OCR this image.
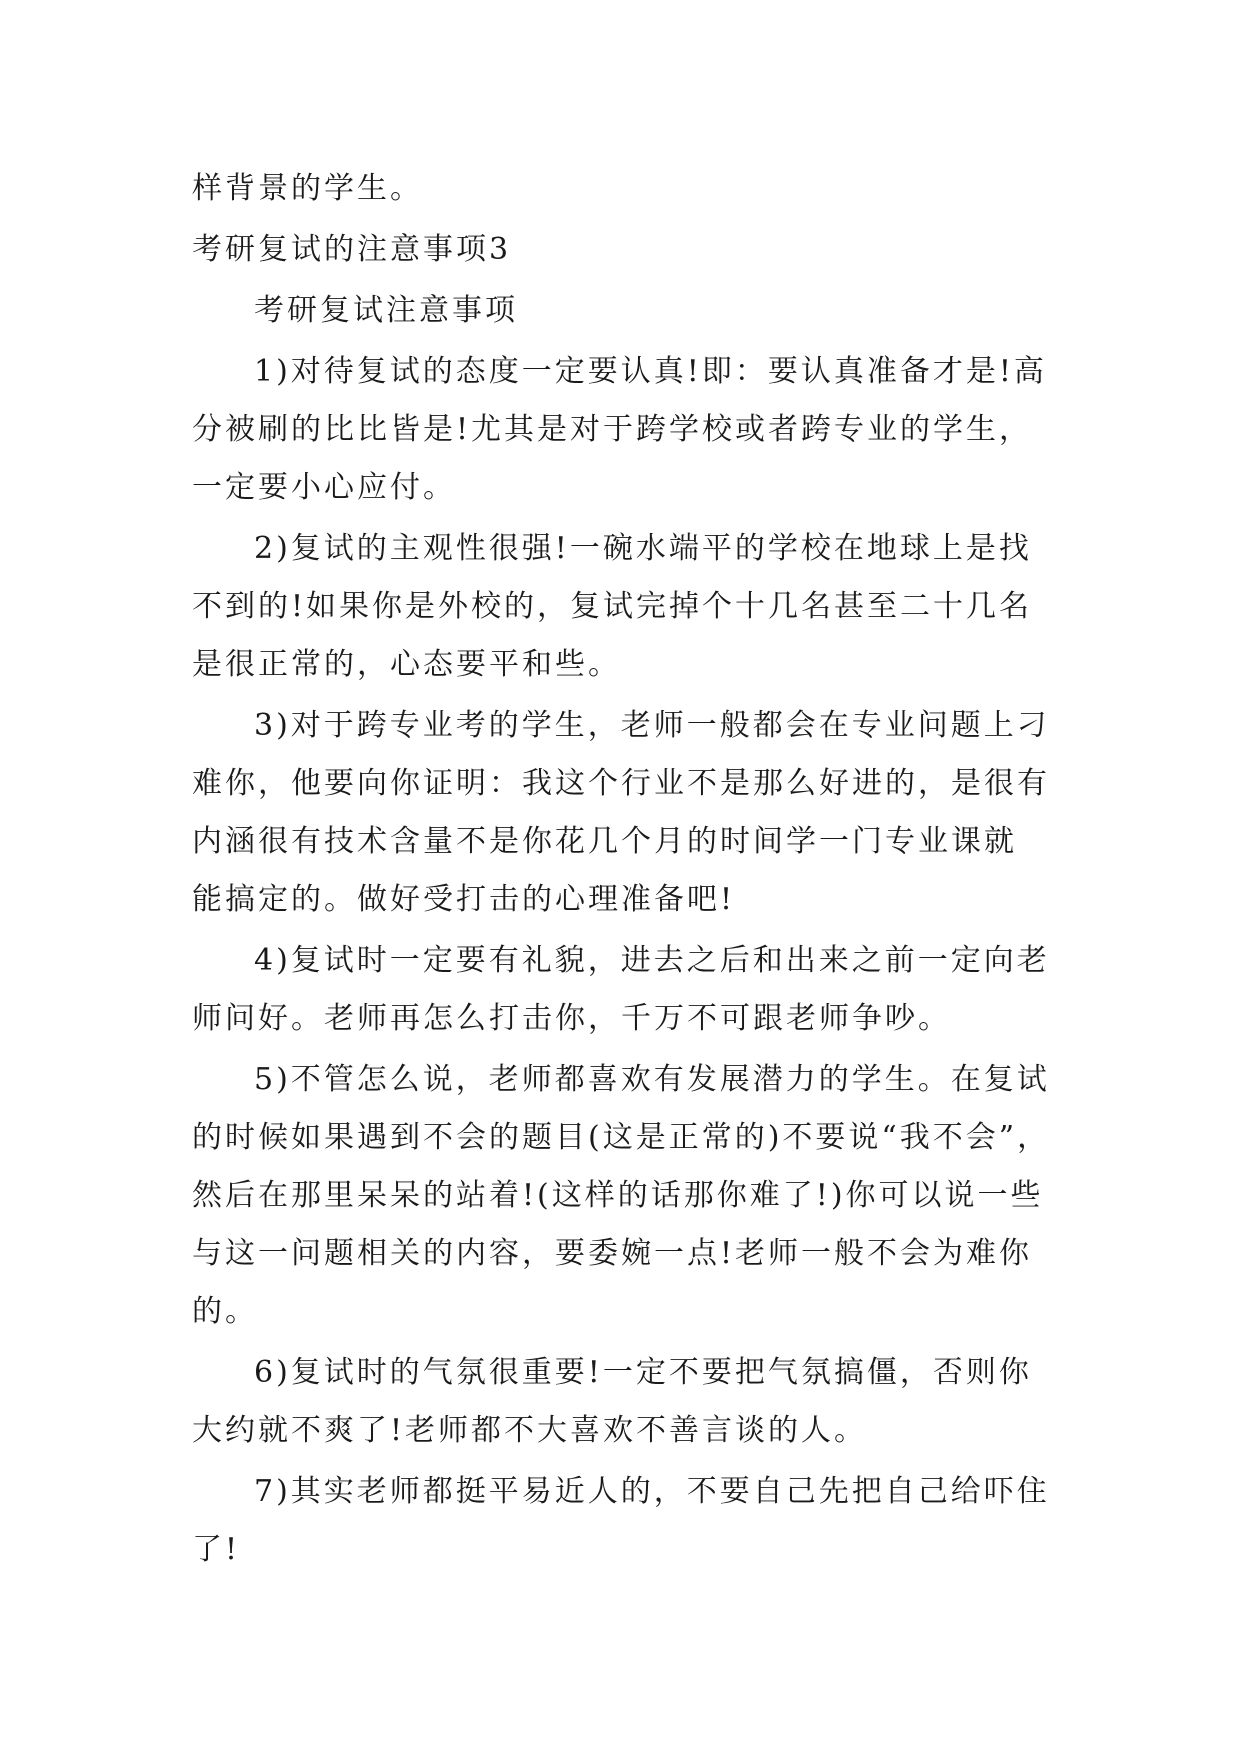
样背景的学生。

考研复试的注意事项3

考研复试注意事项

1)对待复试的态度一定要认真!即：要认真准备才是!高

分被刷的比比皆是!尤其是对于跨学校或者跨专业的学生，

一定要小心应付。

2)复试的主观性很强!一碗水端平的学校在地球上是找

不到的!如果你是外校的，复试完掉个十几名甚至二十几名

是很正常的，心态要平和些。

3)对于跨专业考的学生，老师一般都会在专业问题上刁

难你，他要向你证明：我这个行业不是那么好进的，是很有

内涵很有技术含量不是你花几个月的时间学一门专业课就

能搞定的。做好受打击的心理准备吧!

4)复试时一定要有礼貌，进去之后和出来之前一定向老

师问好。老师再怎么打击你，千万不可跟老师争吵。

5)不管怎么说，老师都喜欢有发展潜力的学生。在复试

的时候如果遇到不会的题目(这是正常的)不要说“我不会”，

然后在那里呆呆的站着!(这样的话那你难了!)你可以说一些

与这一问题相关的内容，要委婉一点!老师一般不会为难你

的。

6)复试时的气氛很重要!一定不要把气氛搞僵，否则你

大约就不爽了!老师都不大喜欢不善言谈的人。

7)其实老师都挺平易近人的，不要自己先把自己给吓住

了!
